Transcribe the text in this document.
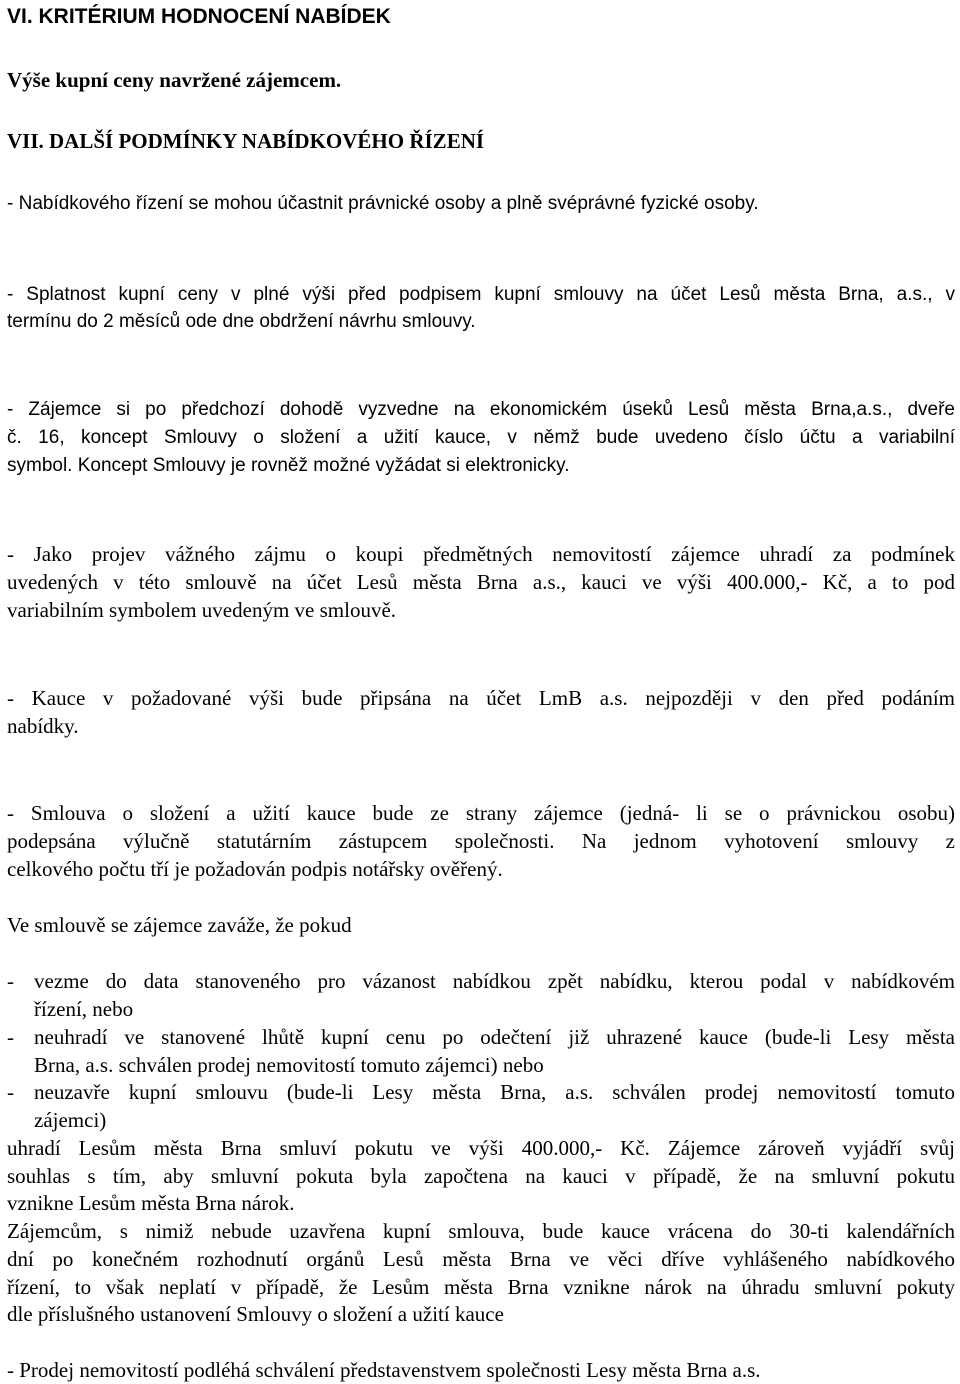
VI. KRITÉRIUM HODNOCENÍ NABÍDEK

Výše kupní ceny navržené zájemcem.

VII. DALŠÍ PODMÍNKY NABÍDKOVÉHO ŘÍZENÍ

- Nabídkového řízení se mohou účastnit právnické osoby a plně svéprávné fyzické osoby.

- Splatnost kupní ceny v plné výši před podpisem kupní smlouvy na účet Lesů města Brna, a.s., v

termínu do 2 měsíců ode dne obdržení návrhu smlouvy.

- Zájemce si po předchozí dohodě vyzvedne na ekonomickém úseků Lesů města Brna,a.s., dveře

č. 16, koncept Smlouvy o složení a užití kauce, v němž bude uvedeno číslo účtu a variabilní

symbol. Koncept Smlouvy je rovněž možné vyžádat si elektronicky.

- Jako projev vážného zájmu o koupi předmětných nemovitostí zájemce uhradí za podmínek

uvedených v této smlouvě na účet Lesů města Brna a.s., kauci ve výši 400.000,- Kč, a to pod

variabilním symbolem uvedeným ve smlouvě.

- Kauce v požadované výši bude připsána na účet LmB a.s. nejpozději v den před podáním

nabídky.

- Smlouva o složení a užití kauce bude ze strany zájemce (jedná- li se o právnickou osobu)

podepsána výlučně statutárním zástupcem společnosti. Na jednom vyhotovení smlouvy z

celkového počtu tří je požadován podpis notářsky ověřený.

Ve smlouvě se zájemce zaváže, že pokud

- vezme do data stanoveného pro vázanost nabídkou zpět nabídku, kterou podal v nabídkovém

řízení, nebo

- neuhradí ve stanovené lhůtě kupní cenu po odečtení již uhrazené kauce (bude-li Lesy města

Brna, a.s. schválen prodej nemovitostí tomuto zájemci) nebo

- neuzavře kupní smlouvu (bude-li Lesy města Brna, a.s. schválen prodej nemovitostí tomuto

zájemci)

uhradí Lesům města Brna smluví pokutu ve výši 400.000,- Kč. Zájemce zároveň vyjádří svůj

souhlas s tím, aby smluvní pokuta byla započtena na kauci v případě, že na smluvní pokutu

vznikne Lesům města Brna nárok.

Zájemcům, s nimiž nebude uzavřena kupní smlouva, bude kauce vrácena do 30-ti kalendářních

dní po konečném rozhodnutí orgánů Lesů města Brna ve věci dříve vyhlášeného nabídkového

řízení, to však neplatí v případě, že Lesům města Brna vznikne nárok na úhradu smluvní pokuty

dle příslušného ustanovení Smlouvy o složení a užití kauce

- Prodej nemovitostí podléhá schválení představenstvem společnosti Lesy města Brna a.s.
